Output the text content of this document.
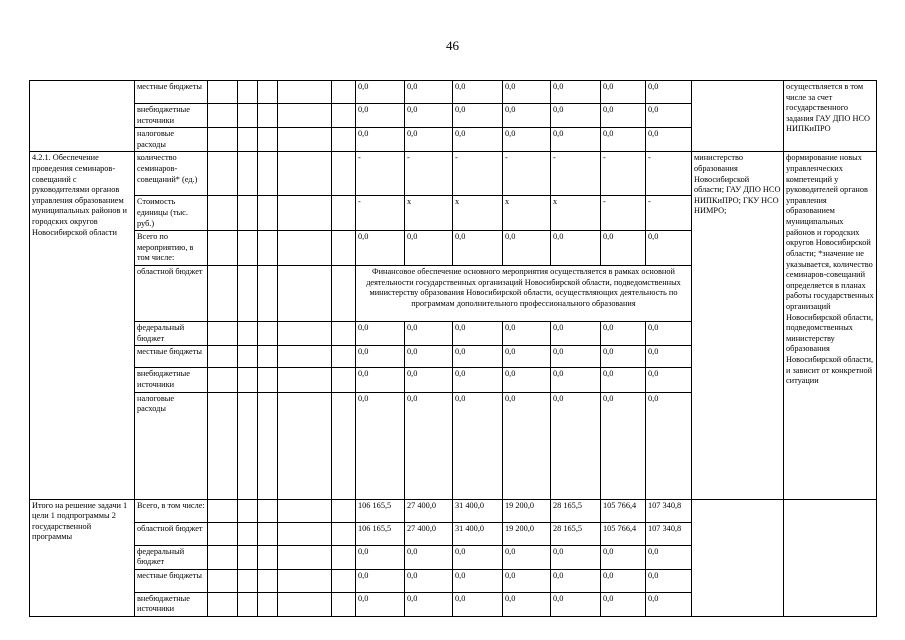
46
	местные бюджеты						0,0	0,0	0,0	0,0	0,0	0,0	0,0		осуществляется в том числе за счет государственного задания ГАУ ДПО НСО НИПКиПРО
	внебюджетные источники						0,0	0,0	0,0	0,0	0,0	0,0	0,0		
	налоговые расходы						0,0	0,0	0,0	0,0	0,0	0,0	0,0		
4.2.1. Обеспечение проведения семинаров-совещаний с руководителями органов управления образованием муниципальных районов и городских округов Новосибирской области	количество семинаров-совещаний* (ед.)						-	-	-	-	-	-	-	министерство образования Новосибирской области; ГАУ ДПО НСО НИПКиПРО; ГКУ НСО НИМРО;	формирование новых управленческих компетенций у руководителей органов управления образованием муниципальных районов и городских округов Новосибирской области; *значение не указывается, количество семинаров-совещаний определяется в планах работы государственных организаций Новосибирской области, подведомственных министерству образования Новосибирской области, и зависит от конкретной ситуации
	Стоимость единицы (тыс. руб.)						-	x	x	x	x	-	-		
	Всего по мероприятию, в том числе:						0,0	0,0	0,0	0,0	0,0	0,0	0,0		
	областной бюджет						Финансовое обеспечение основного мероприятия осуществляется в рамках основной деятельности государственных организаций Новосибирской области, подведомственных министерству образования Новосибирской области, осуществляющих деятельность по программам дополнительного профессионального образования								
	федеральный бюджет						0,0	0,0	0,0	0,0	0,0	0,0	0,0		
	местные бюджеты						0,0	0,0	0,0	0,0	0,0	0,0	0,0		
	внебюджетные источники						0,0	0,0	0,0	0,0	0,0	0,0	0,0		
	налоговые расходы						0,0	0,0	0,0	0,0	0,0	0,0	0,0		
Итого на решение задачи 1 цели 1 подпрограммы 2 государственной программы	Всего, в том числе:						106 165,5	27 400,0	31 400,0	19 200,0	28 165,5	105 766,4	107 340,8		
	областной бюджет						106 165,5	27 400,0	31 400,0	19 200,0	28 165,5	105 766,4	107 340,8		
	федеральный бюджет						0,0	0,0	0,0	0,0	0,0	0,0	0,0		
	местные бюджеты						0,0	0,0	0,0	0,0	0,0	0,0	0,0		
	внебюджетные источники						0,0	0,0	0,0	0,0	0,0	0,0	0,0		
